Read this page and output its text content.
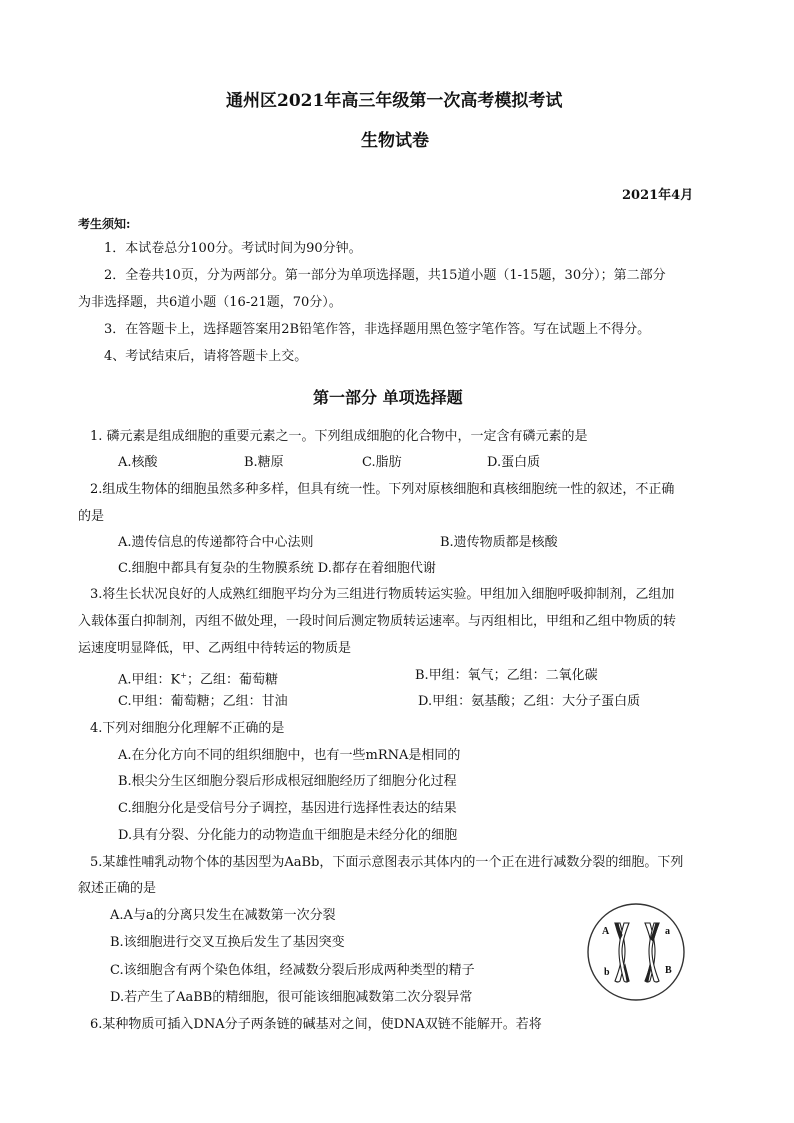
通州区2021年高三年级第一次高考模拟考试
生物试卷
2021年4月
考生须知:
1．本试卷总分100分。考试时间为90分钟。
2．全卷共10页，分为两部分。第一部分为单项选择题，共15道小题（1-15题，30分）；第二部分
为非选择题，共6道小题（16-21题，70分）。
3．在答题卡上，选择题答案用2B铅笔作答，非选择题用黑色签字笔作答。写在试题上不得分。
4、考试结束后，请将答题卡上交。
第一部分 单项选择题
1. 磷元素是组成细胞的重要元素之一。下列组成细胞的化合物中，一定含有磷元素的是
A.核酸	B.糖原	C.脂肪	D.蛋白质
2.组成生物体的细胞虽然多种多样，但具有统一性。下列对原核细胞和真核细胞统一性的叙述，不正确
的是
A.遗传信息的传递都符合中心法则	B.遗传物质都是核酸
C.细胞中都具有复杂的生物膜系统 D.都存在着细胞代谢
3.将生长状况良好的人成熟红细胞平均分为三组进行物质转运实验。甲组加入细胞呼吸抑制剂，乙组加
入载体蛋白抑制剂，丙组不做处理，一段时间后测定物质转运速率。与丙组相比，甲组和乙组中物质的转
运速度明显降低，甲、乙两组中待转运的物质是
A.甲组：K+；乙组：葡萄糖	B.甲组：氧气；乙组：二氧化碳
C.甲组：葡萄糖；乙组：甘油	D.甲组：氨基酸；乙组：大分子蛋白质
4.下列对细胞分化理解不正确的是
A.在分化方向不同的组织细胞中，也有一些mRNA是相同的
B.根尖分生区细胞分裂后形成根冠细胞经历了细胞分化过程
C.细胞分化是受信号分子调控，基因进行选择性表达的结果
D.具有分裂、分化能力的动物造血干细胞是未经分化的细胞
5.某雄性哺乳动物个体的基因型为AaBb，下面示意图表示其体内的一个正在进行减数分裂的细胞。下列
叙述正确的是
A.A与a的分离只发生在减数第一次分裂
B.该细胞进行交叉互换后发生了基因突变
C.该细胞含有两个染色体组，经减数分裂后形成两种类型的精子
D.若产生了AaBB的精细胞，很可能该细胞减数第二次分裂异常
A	a
b	B
6.某种物质可插入DNA分子两条链的碱基对之间，使DNA双链不能解开。若将
